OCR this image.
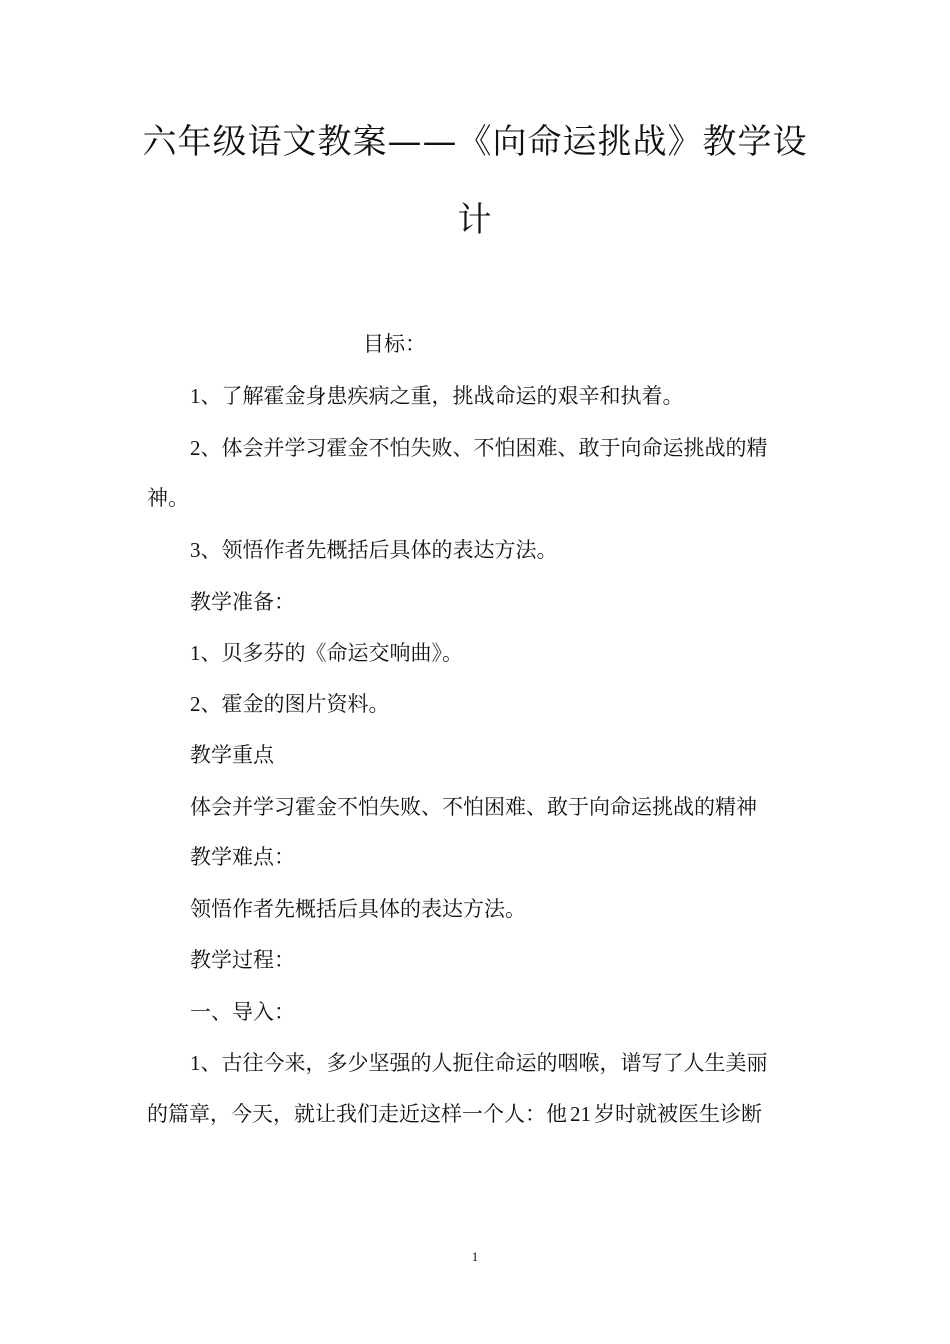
六年级语文教案——《向命运挑战》教学设
计
目标：
1、了解霍金身患疾病之重，挑战命运的艰辛和执着。
2、体会并学习霍金不怕失败、不怕困难、敢于向命运挑战的精
神。
3、领悟作者先概括后具体的表达方法。
教学准备：
1、贝多芬的《命运交响曲》。
2、霍金的图片资料。
教学重点
体会并学习霍金不怕失败、不怕困难、敢于向命运挑战的精神
教学难点：
领悟作者先概括后具体的表达方法。
教学过程：
一、导入：
1、古往今来，多少坚强的人扼住命运的咽喉，谱写了人生美丽
的篇章，今天，就让我们走近这样一个人：他 21 岁时就被医生诊断
1
